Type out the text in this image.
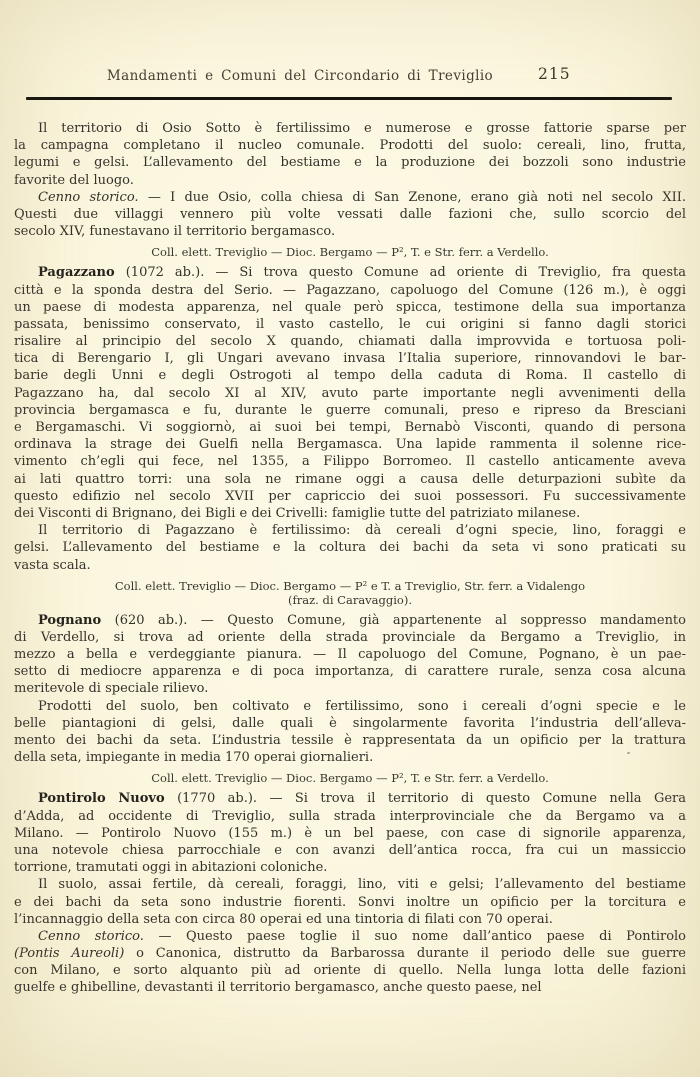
Mandamenti e Comuni del Circondario di Treviglio	215
Il territorio di Osio Sotto è fertilissimo e numerose e grosse fattorie sparse per
la campagna completano il nucleo comunale. Prodotti del suolo: cereali, lino, frutta,
legumi e gelsi. L’allevamento del bestiame e la produzione dei bozzoli sono industrie
favorite del luogo.
Cenno storico. — I due Osio, colla chiesa di San Zenone, erano già noti nel secolo XII.
Questi due villaggi vennero più volte vessati dalle fazioni che, sullo scorcio del
secolo XIV, funestavano il territorio bergamasco.
Coll. elett. Treviglio — Dioc. Bergamo — P², T. e Str. ferr. a Verdello.
Pagazzano (1072 ab.). — Si trova questo Comune ad oriente di Treviglio, fra questa
città e la sponda destra del Serio. — Pagazzano, capoluogo del Comune (126 m.), è oggi
un paese di modesta apparenza, nel quale però spicca, testimone della sua importanza
passata, benissimo conservato, il vasto castello, le cui origini si fanno dagli storici
risalire al principio del secolo X quando, chiamati dalla improvvida e tortuosa poli-
tica di Berengario I, gli Ungari avevano invasa l’Italia superiore, rinnovandovi le bar-
barie degli Unni e degli Ostrogoti al tempo della caduta di Roma. Il castello di
Pagazzano ha, dal secolo XI al XIV, avuto parte importante negli avvenimenti della
provincia bergamasca e fu, durante le guerre comunali, preso e ripreso da Bresciani
e Bergamaschi. Vi soggiornò, ai suoi bei tempi, Bernabò Visconti, quando di persona
ordinava la strage dei Guelfi nella Bergamasca. Una lapide rammenta il solenne rice-
vimento ch’egli qui fece, nel 1355, a Filippo Borromeo. Il castello anticamente aveva
ai lati quattro torri: una sola ne rimane oggi a causa delle deturpazioni subìte da
questo edifizio nel secolo XVII per capriccio dei suoi possessori. Fu successivamente
dei Visconti di Brignano, dei Bigli e dei Crivelli: famiglie tutte del patriziato milanese.
Il territorio di Pagazzano è fertilissimo: dà cereali d’ogni specie, lino, foraggi e
gelsi. L’allevamento del bestiame e la coltura dei bachi da seta vi sono praticati su
vasta scala.
Coll. elett. Treviglio — Dioc. Bergamo — P² e T. a Treviglio, Str. ferr. a Vidalengo
(fraz. di Caravaggio).
Pognano (620 ab.). — Questo Comune, già appartenente al soppresso mandamento
di Verdello, si trova ad oriente della strada provinciale da Bergamo a Treviglio, in
mezzo a bella e verdeggiante pianura. — Il capoluogo del Comune, Pognano, è un pae-
setto di mediocre apparenza e di poca importanza, di carattere rurale, senza cosa alcuna
meritevole di speciale rilievo.
Prodotti del suolo, ben coltivato e fertilissimo, sono i cereali d’ogni specie e le
belle piantagioni di gelsi, dalle quali è singolarmente favorita l’industria dell’alleva-
mento dei bachi da seta. L’industria tessile è rappresentata da un opificio per la trattura
della seta, impiegante in media 170 operai giornalieri.
Coll. elett. Treviglio — Dioc. Bergamo — P², T. e Str. ferr. a Verdello.
Pontirolo Nuovo (1770 ab.). — Si trova il territorio di questo Comune nella Gera
d’Adda, ad occidente di Treviglio, sulla strada interprovinciale che da Bergamo va a
Milano. — Pontirolo Nuovo (155 m.) è un bel paese, con case di signorile apparenza,
una notevole chiesa parrocchiale e con avanzi dell’antica rocca, fra cui un massiccio
torrione, tramutati oggi in abitazioni coloniche.
Il suolo, assai fertile, dà cereali, foraggi, lino, viti e gelsi; l’allevamento del bestiame
e dei bachi da seta sono industrie fiorenti. Sonvi inoltre un opificio per la torcitura e
l’incannaggio della seta con circa 80 operai ed una tintoria di filati con 70 operai.
Cenno storico. — Questo paese toglie il suo nome dall’antico paese di Pontirolo
(Pontis Aureoli) o Canonica, distrutto da Barbarossa durante il periodo delle sue guerre
con Milano, e sorto alquanto più ad oriente di quello. Nella lunga lotta delle fazioni
guelfe e ghibelline, devastanti il territorio bergamasco, anche questo paese, nel
